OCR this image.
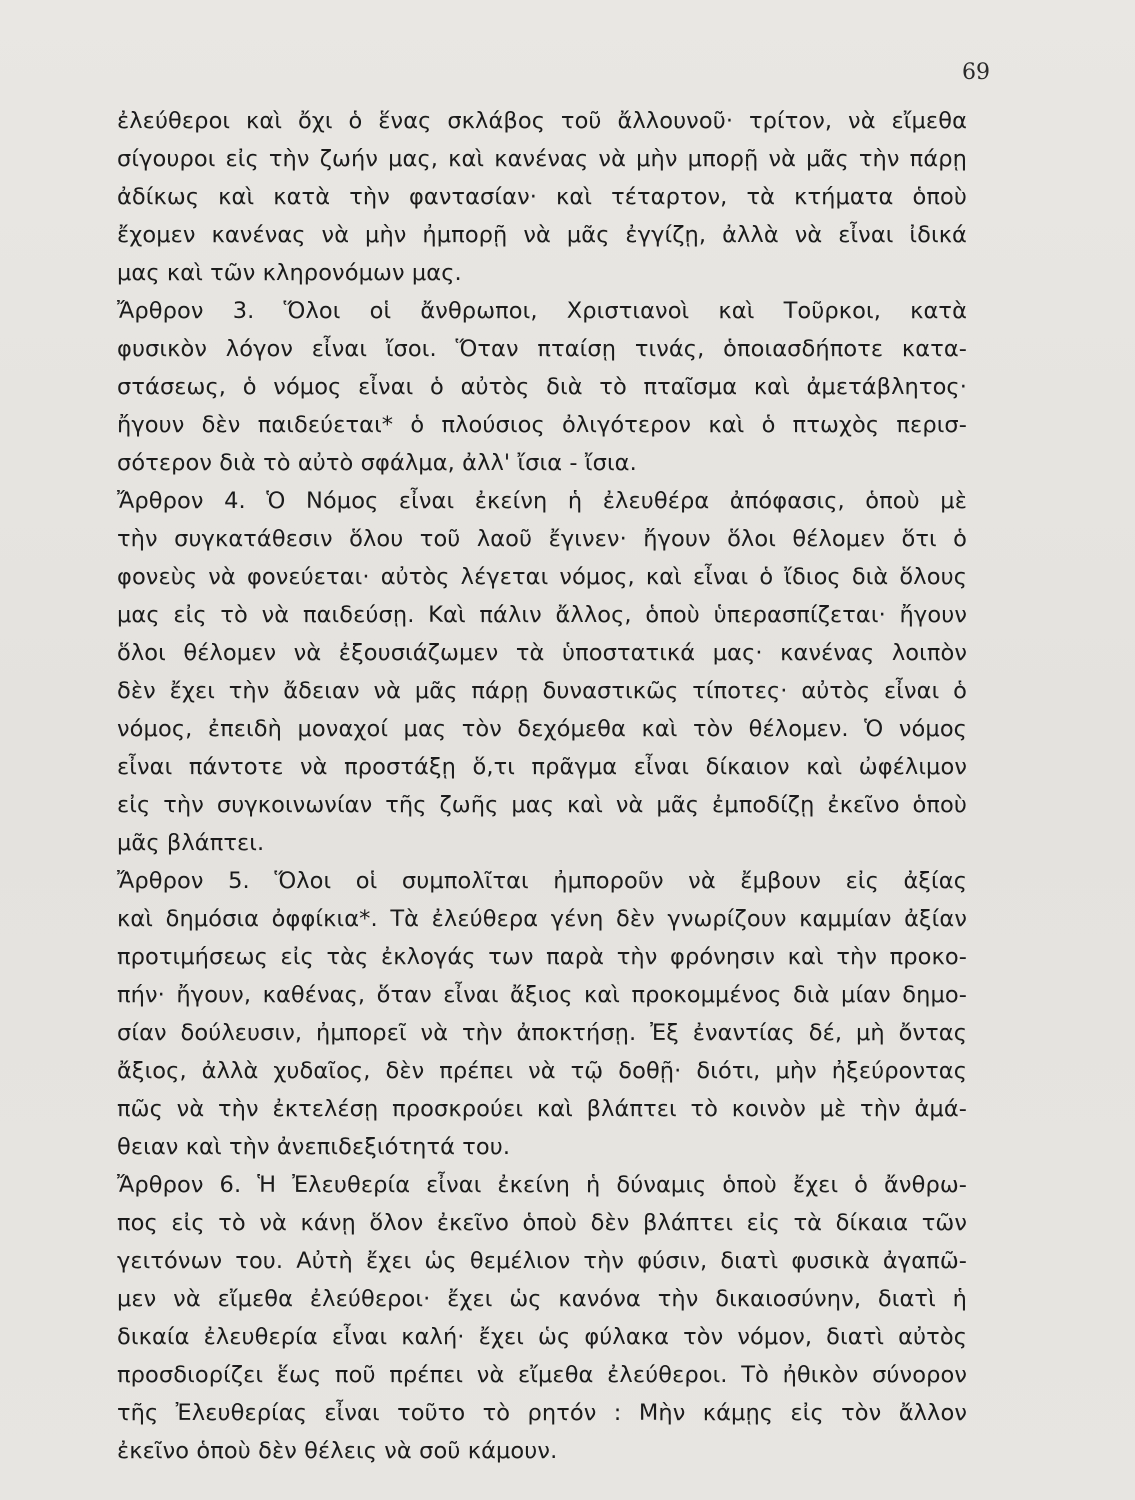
69
ἐλεύθεροι καὶ ὄχι ὁ ἕνας σκλάβος τοῦ ἄλλουνοῦ· τρίτον, νὰ εἴμεθα
σίγουροι εἰς τὴν ζωήν μας, καὶ κανένας νὰ μὴν μπορῇ νὰ μᾶς τὴν πάρῃ
ἀδίκως καὶ κατὰ τὴν φαντασίαν· καὶ τέταρτον, τὰ κτήματα ὁποὺ
ἔχομεν κανένας νὰ μὴν ἠμπορῇ νὰ μᾶς ἐγγίζῃ, ἀλλὰ νὰ εἶναι ἰδικά
μας καὶ τῶν κληρονόμων μας.
Ἄρθρον 3. Ὅλοι οἱ ἄνθρωποι, Χριστιανοὶ καὶ Τοῦρκοι, κατὰ
φυσικὸν λόγον εἶναι ἴσοι. Ὅταν πταίσῃ τινάς, ὁποιασδήποτε κατα-
στάσεως, ὁ νόμος εἶναι ὁ αὐτὸς διὰ τὸ πταῖσμα καὶ ἀμετάβλητος·
ἤγουν δὲν παιδεύεται* ὁ πλούσιος ὀλιγότερον καὶ ὁ πτωχὸς περισ-
σότερον διὰ τὸ αὐτὸ σφάλμα, ἀλλ' ἴσια - ἴσια.
Ἄρθρον 4. Ὁ Νόμος εἶναι ἐκείνη ἡ ἐλευθέρα ἀπόφασις, ὁποὺ μὲ
τὴν συγκατάθεσιν ὅλου τοῦ λαοῦ ἔγινεν· ἤγουν ὅλοι θέλομεν ὅτι ὁ
φονεὺς νὰ φονεύεται· αὐτὸς λέγεται νόμος, καὶ εἶναι ὁ ἴδιος διὰ ὅλους
μας εἰς τὸ νὰ παιδεύσῃ. Καὶ πάλιν ἄλλος, ὁποὺ ὑπερασπίζεται· ἤγουν
ὅλοι θέλομεν νὰ ἐξουσιάζωμεν τὰ ὑποστατικά μας· κανένας λοιπὸν
δὲν ἔχει τὴν ἄδειαν νὰ μᾶς πάρῃ δυναστικῶς τίποτες· αὐτὸς εἶναι ὁ
νόμος, ἐπειδὴ μοναχοί μας τὸν δεχόμεθα καὶ τὸν θέλομεν. Ὁ νόμος
εἶναι πάντοτε νὰ προστάξῃ ὅ,τι πρᾶγμα εἶναι δίκαιον καὶ ὠφέλιμον
εἰς τὴν συγκοινωνίαν τῆς ζωῆς μας καὶ νὰ μᾶς ἐμποδίζῃ ἐκεῖνο ὁποὺ
μᾶς βλάπτει.
Ἄρθρον 5. Ὅλοι οἱ συμπολῖται ἠμποροῦν νὰ ἔμβουν εἰς ἀξίας
καὶ δημόσια ὀφφίκια*. Τὰ ἐλεύθερα γένη δὲν γνωρίζουν καμμίαν ἀξίαν
προτιμήσεως εἰς τὰς ἐκλογάς των παρὰ τὴν φρόνησιν καὶ τὴν προκο-
πήν· ἤγουν, καθένας, ὅταν εἶναι ἄξιος καὶ προκομμένος διὰ μίαν δημο-
σίαν δούλευσιν, ἠμπορεῖ νὰ τὴν ἀποκτήσῃ. Ἐξ ἐναντίας δέ, μὴ ὄντας
ἄξιος, ἀλλὰ χυδαῖος, δὲν πρέπει νὰ τῷ δοθῇ· διότι, μὴν ἠξεύροντας
πῶς νὰ τὴν ἐκτελέσῃ προσκρούει καὶ βλάπτει τὸ κοινὸν μὲ τὴν ἀμά-
θειαν καὶ τὴν ἀνεπιδεξιότητά του.
Ἄρθρον 6. Ἡ Ἐλευθερία εἶναι ἐκείνη ἡ δύναμις ὁποὺ ἔχει ὁ ἄνθρω-
πος εἰς τὸ νὰ κάνῃ ὅλον ἐκεῖνο ὁποὺ δὲν βλάπτει εἰς τὰ δίκαια τῶν
γειτόνων του. Αὐτὴ ἔχει ὡς θεμέλιον τὴν φύσιν, διατὶ φυσικὰ ἀγαπῶ-
μεν νὰ εἴμεθα ἐλεύθεροι· ἔχει ὡς κανόνα τὴν δικαιοσύνην, διατὶ ἡ
δικαία ἐλευθερία εἶναι καλή· ἔχει ὡς φύλακα τὸν νόμον, διατὶ αὐτὸς
προσδιορίζει ἕως ποῦ πρέπει νὰ εἴμεθα ἐλεύθεροι. Τὸ ἠθικὸν σύνορον
τῆς Ἐλευθερίας εἶναι τοῦτο τὸ ρητόν : Μὴν κάμῃς εἰς τὸν ἄλλον
ἐκεῖνο ὁποὺ δὲν θέλεις νὰ σοῦ κάμουν.
